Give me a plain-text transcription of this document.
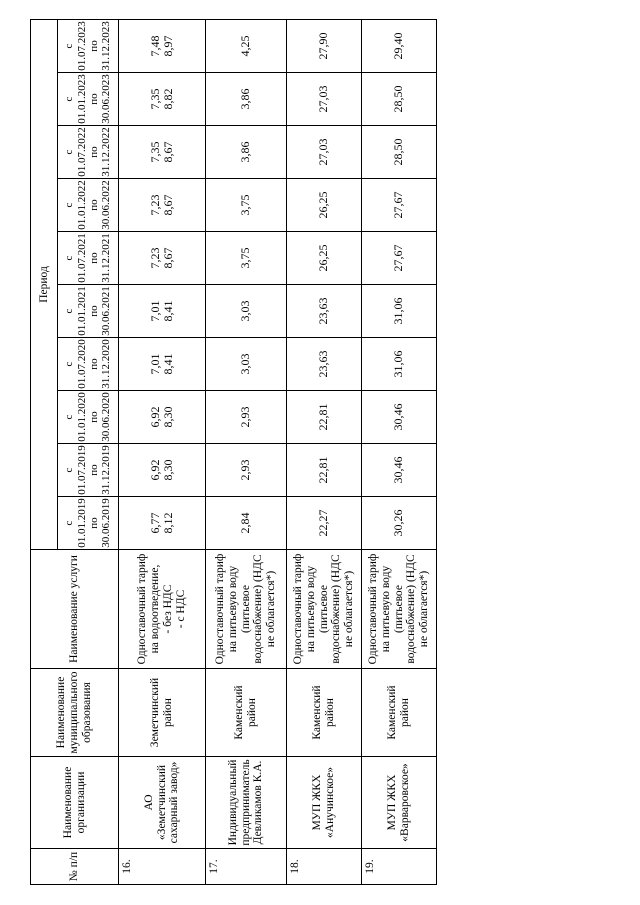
№ п/п	Наименование организации	Наименование муниципального образования	Наименование услуги	Период									

				с 01.01.2019 по 30.06.2019	с 01.07.2019 по 31.12.2019	с 01.01.2020 по 30.06.2020	с 01.07.2020 по 31.12.2020	с 01.01.2021 по 30.06.2021	с 01.07.2021 по 31.12.2021	с 01.01.2022 по 30.06.2022	с 01.07.2022 по 31.12.2022	с 01.01.2023 по 30.06.2023	с 01.07.2023 по 31.12.2023

16.	АО «Земетчинский сахарный завод»	Земетчинский район	Одноставочный тариф на водоотведение, - без НДС - с НДС	6,77 8,12	6,92 8,30	6,92 8,30	7,01 8,41	7,01 8,41	7,23 8,67	7,23 8,67	7,35 8,67	7,35 8,82	7,48 8,97

17.	Индивидуальный предприниматель Девликамов К.А.	Каменский район	Одноставочный тариф на питьевую воду (питьевое водоснабжение) (НДС не облагается*)	2,84	2,93	2,93	3,03	3,03	3,75	3,75	3,86	3,86	4,25

18.	МУП ЖКХ «Анучинское»	Каменский район	Одноставочный тариф на питьевую воду (питьевое водоснабжение) (НДС не облагается*)	22,27	22,81	22,81	23,63	23,63	26,25	26,25	27,03	27,03	27,90

19.	МУП ЖКХ «Варваровское»	Каменский район	Одноставочный тариф на питьевую воду (питьевое водоснабжение) (НДС не облагается*)	30,26	30,46	30,46	31,06	31,06	27,67	27,67	28,50	28,50	29,40
